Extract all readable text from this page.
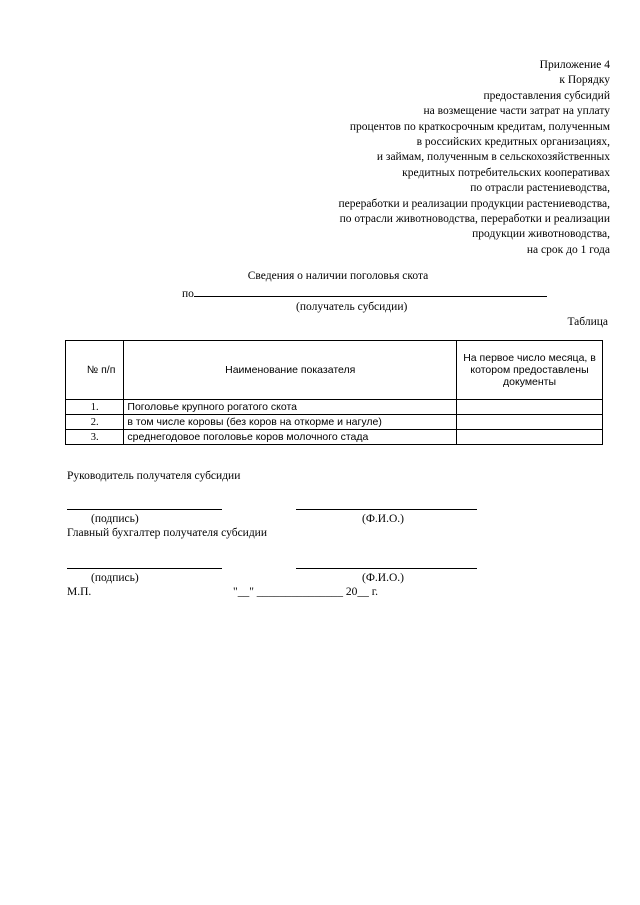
Приложение 4
к Порядку
предоставления субсидий
на возмещение части затрат на уплату
процентов по краткосрочным кредитам, полученным
в российских кредитных организациях,
и займам, полученным в сельскохозяйственных
кредитных потребительских кооперативах
по отрасли растениеводства,
переработки и реализации продукции растениеводства,
по отрасли животноводства, переработки и реализации
продукции животноводства,
на срок до 1 года
Сведения о наличии поголовья скота
по
(получатель субсидии)
Таблица
№ п/п	Наименование показателя	На первое число месяца, в котором предоставлены документы
1.	Поголовье крупного рогатого скота	
2.	в том числе коровы (без коров на откорме и нагуле)	
3.	среднегодовое поголовье коров молочного стада	
Руководитель получателя субсидии
(подпись)	(Ф.И.О.)
Главный бухгалтер получателя субсидии
(подпись)	(Ф.И.О.)
М.П.	"__" _______________ 20__ г.
